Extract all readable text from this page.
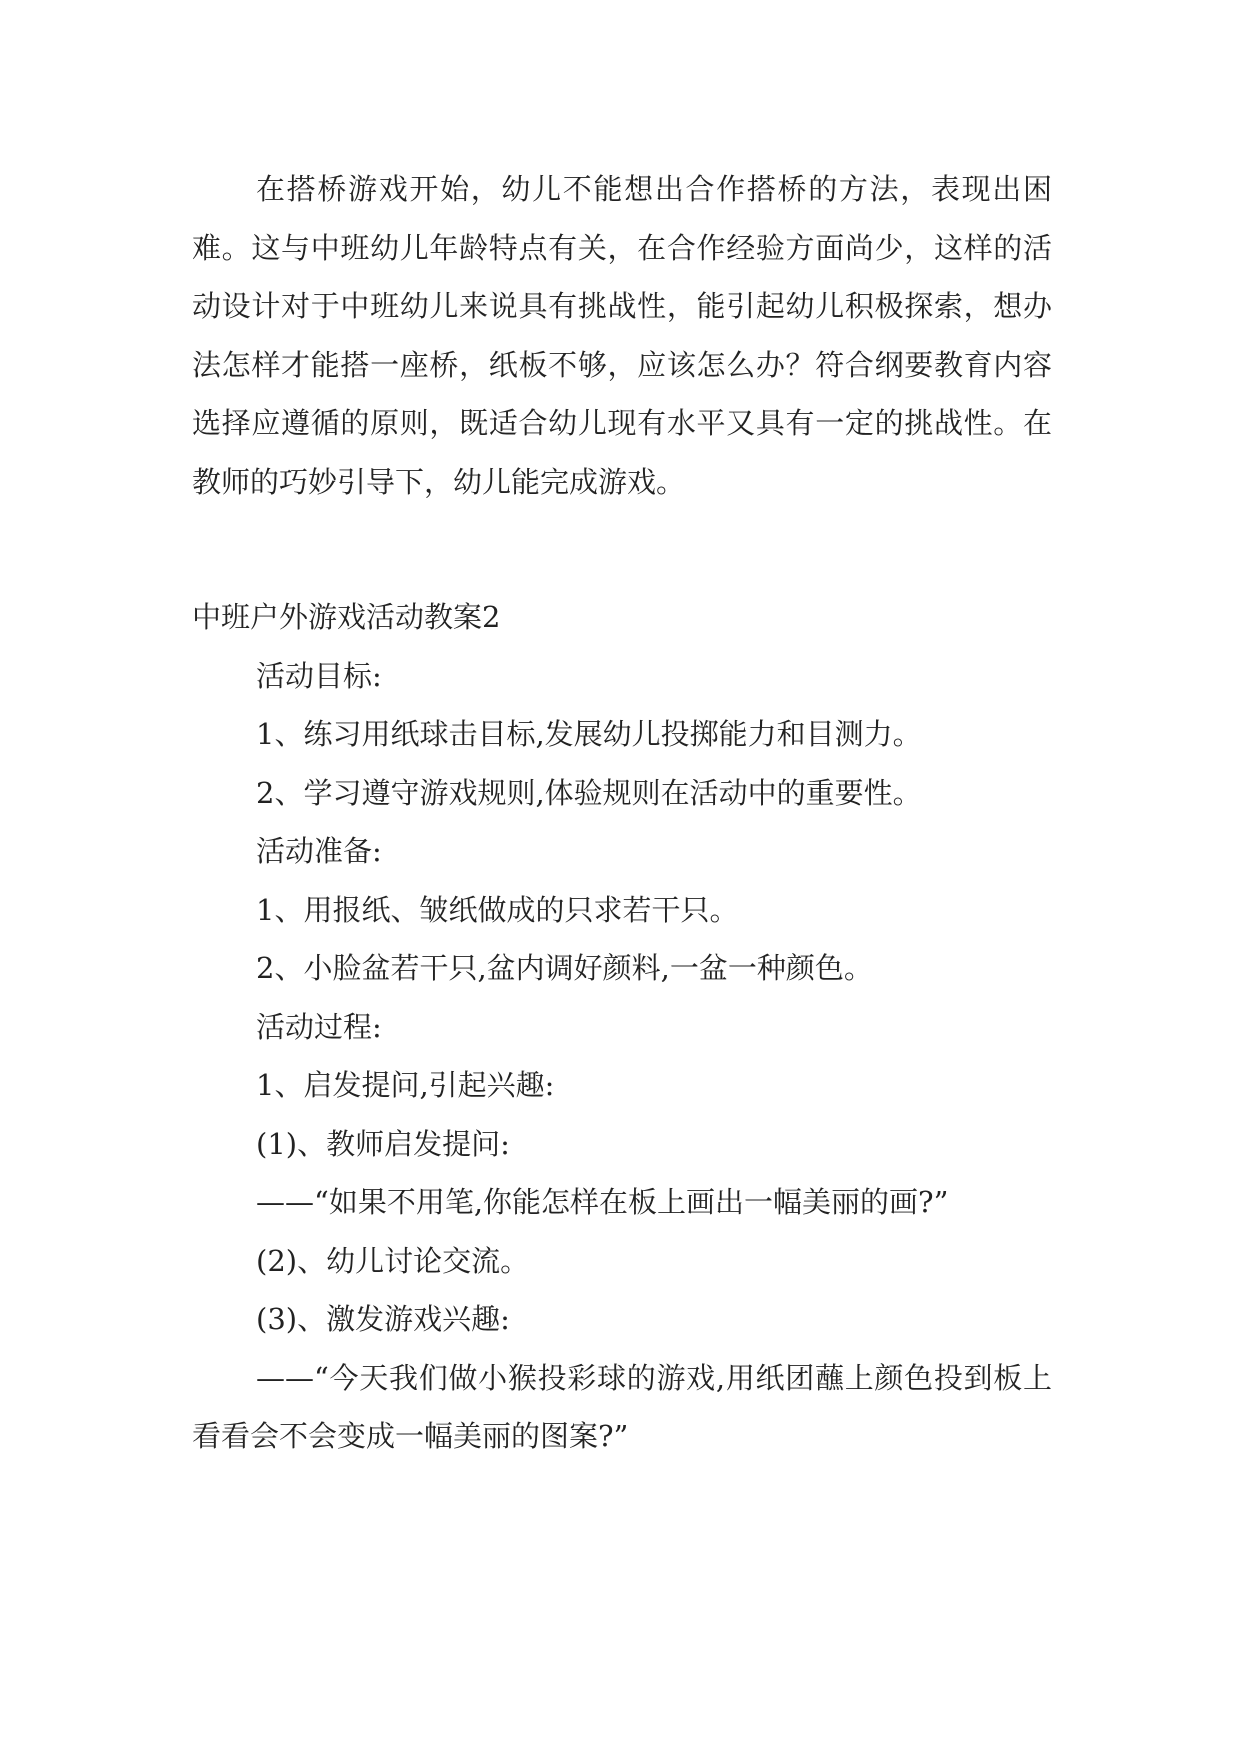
在搭桥游戏开始，幼儿不能想出合作搭桥的方法，表现出困难。这与中班幼儿年龄特点有关，在合作经验方面尚少，这样的活动设计对于中班幼儿来说具有挑战性，能引起幼儿积极探索，想办法怎样才能搭一座桥，纸板不够，应该怎么办？符合纲要教育内容选择应遵循的原则，既适合幼儿现有水平又具有一定的挑战性。在教师的巧妙引导下，幼儿能完成游戏。

中班户外游戏活动教案2

活动目标:

1、练习用纸球击目标,发展幼儿投掷能力和目测力。

2、学习遵守游戏规则,体验规则在活动中的重要性。

活动准备:

1、用报纸、皱纸做成的只求若干只。

2、小脸盆若干只,盆内调好颜料,一盆一种颜色。

活动过程:

1、启发提问,引起兴趣:

(1)、教师启发提问:

——“如果不用笔,你能怎样在板上画出一幅美丽的画?”

(2)、幼儿讨论交流。

(3)、激发游戏兴趣:

——“今天我们做小猴投彩球的游戏,用纸团蘸上颜色投到板上看看会不会变成一幅美丽的图案?”
